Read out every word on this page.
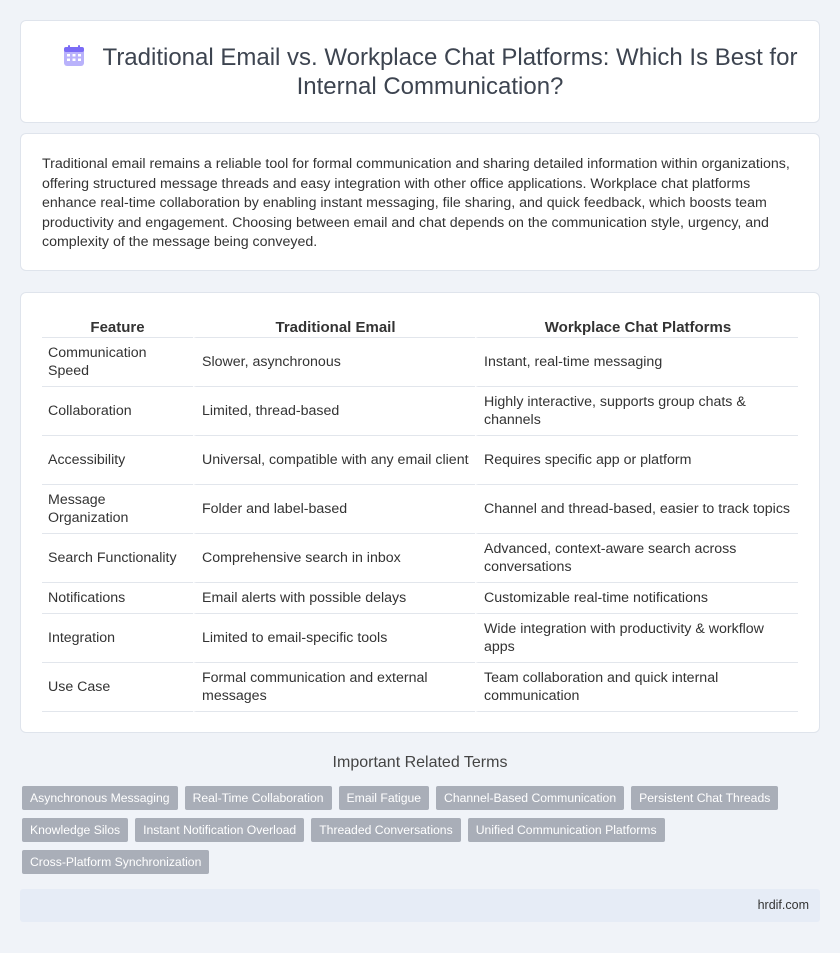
Traditional Email vs. Workplace Chat Platforms: Which Is Best for Internal Communication?

Traditional email remains a reliable tool for formal communication and sharing detailed information within organizations, offering structured message threads and easy integration with other office applications. Workplace chat platforms enhance real-time collaboration by enabling instant messaging, file sharing, and quick feedback, which boosts team productivity and engagement. Choosing between email and chat depends on the communication style, urgency, and complexity of the message being conveyed.

Feature	Traditional Email	Workplace Chat Platforms
Communication Speed	Slower, asynchronous	Instant, real-time messaging
Collaboration	Limited, thread-based	Highly interactive, supports group chats & channels
Accessibility	Universal, compatible with any email client	Requires specific app or platform
Message Organization	Folder and label-based	Channel and thread-based, easier to track topics
Search Functionality	Comprehensive search in inbox	Advanced, context-aware search across conversations
Notifications	Email alerts with possible delays	Customizable real-time notifications
Integration	Limited to email-specific tools	Wide integration with productivity & workflow apps
Use Case	Formal communication and external messages	Team collaboration and quick internal communication
Important Related Terms
Asynchronous Messaging	Real-Time Collaboration	Email Fatigue	Channel-Based Communication	Persistent Chat Threads
Knowledge Silos	Instant Notification Overload	Threaded Conversations	Unified Communication Platforms
Cross-Platform Synchronization
hrdif.com
